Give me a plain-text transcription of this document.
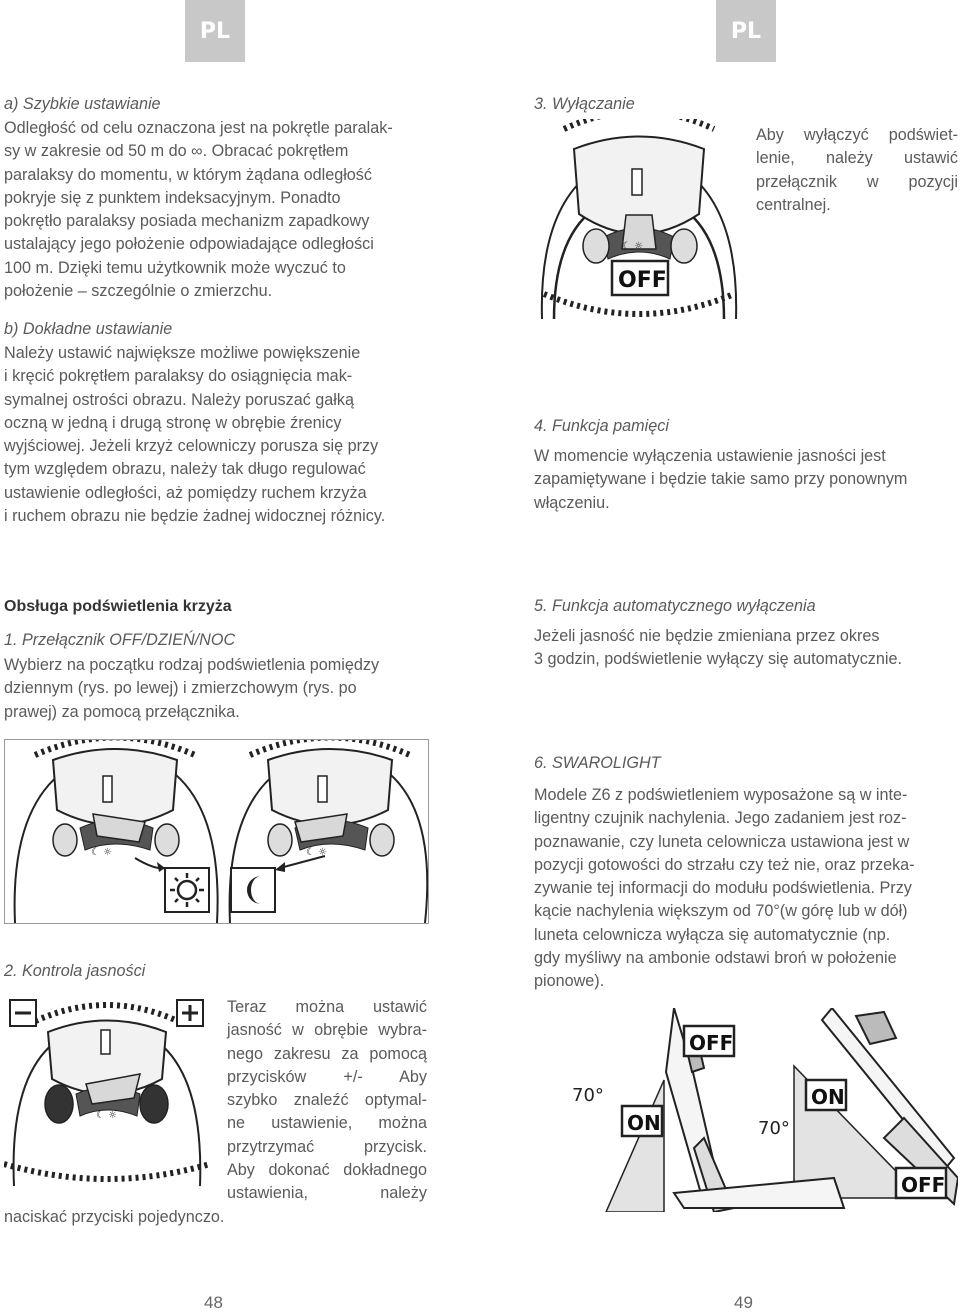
PL	PL
a) Szybkie ustawianie
Odległość od celu oznaczona jest na pokrętle paralak-
sy w zakresie od 50 m do ∞. Obracać pokrętłem
paralaksy do momentu, w którym żądana odległość
pokryje się z punktem indeksacyjnym. Ponadto
pokrętło paralaksy posiada mechanizm zapadkowy
ustalający jego położenie odpowiadające odległości
100 m. Dzięki temu użytkownik może wyczuć to
położenie – szczególnie o zmierzchu.
b) Dokładne ustawianie
Należy ustawić największe możliwe powiększenie
i kręcić pokrętłem paralaksy do osiągnięcia mak-
symalnej ostrości obrazu. Należy poruszać gałką
oczną w jedną i drugą stronę w obrębie źrenicy
wyjściowej. Jeżeli krzyż celowniczy porusza się przy
tym względem obrazu, należy tak długo regulować
ustawienie odległości, aż pomiędzy ruchem krzyża
i ruchem obrazu nie będzie żadnej widocznej różnicy.
3. Wyłączanie
☾ ☼
OFF
Aby wyłączyć podświet-
lenie, należy ustawić
przełącznik w pozycji
centralnej.
4. Funkcja pamięci
W momencie wyłączenia ustawienie jasności jest
zapamiętywane i będzie takie samo przy ponownym
włączeniu.
Obsługa podświetlenia krzyża
1. Przełącznik OFF/DZIEŃ/NOC
Wybierz na początku rodzaj podświetlenia pomiędzy
dziennym (rys. po lewej) i zmierzchowym (rys. po
prawej) za pomocą przełącznika.
☾ ☼	☾ ☼
2. Kontrola jasności
☾ ☼
Teraz można ustawić
jasność w obrębie wybra-
nego zakresu za pomocą
przycisków +/- Aby
szybko znaleźć optymal-
ne ustawienie, można
przytrzymać przycisk.
Aby dokonać dokładnego
ustawienia, należy
naciskać przyciski pojedynczo.
5. Funkcja automatycznego wyłączenia
Jeżeli jasność nie będzie zmieniana przez okres
3 godzin, podświetlenie wyłączy się automatycznie.
6. SWAROLIGHT
Modele Z6 z podświetleniem wyposażone są w inte-
ligentny czujnik nachylenia. Jego zadaniem jest roz-
poznawanie, czy luneta celownicza ustawiona jest w
pozycji gotowości do strzału czy też nie, oraz przeka-
zywanie tej informacji do modułu podświetlenia. Przy
kącie nachylenia większym od 70°(w górę lub w dół)
luneta celownicza wyłącza się automatycznie (np.
gdy myśliwy na ambonie odstawi broń w położenie
pionowe).
70°
70°
OFF
ON
ON
OFF
48	49
